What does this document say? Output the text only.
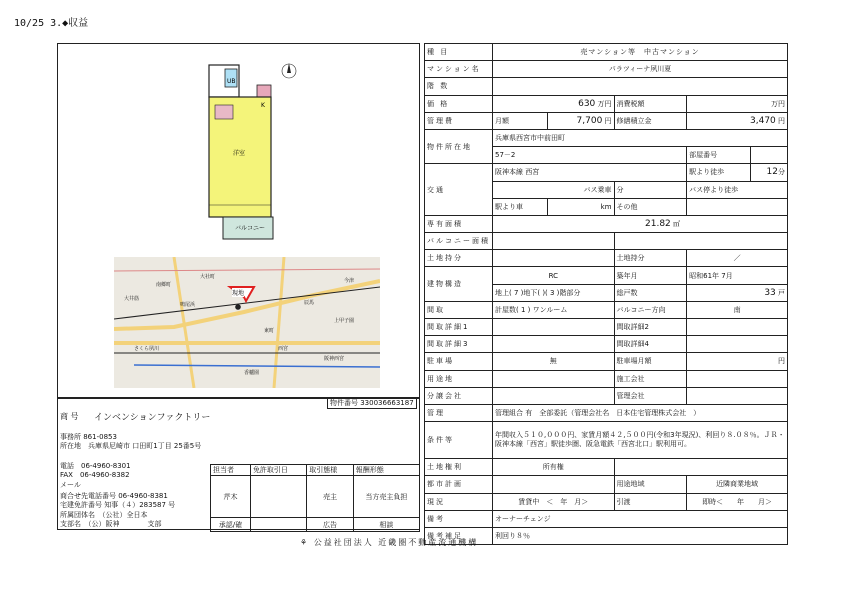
10/25 3.◆収益
UB
K
洋室
バルコニー
現地
南郷町
大社町
大井筋
鳴尾浜	辰馬
さくら夙川
香櫨園
西宮
今津
阪神西宮
東町
上甲子園
物件番号 330036663187
商 号 インベンションファクトリー
事務所 861-0853
所在地 兵庫県尼崎市 口田町1丁目 25番5号
電話　06-4960-8301
FAX　06-4960-8382
メール
商合せ先電話番号 06-4960-8381
宅建免許番号 知事（４）283587 号
所属団体名　（公社）全日本
支部名　（公）阪神　　　　支部
担当者	免許取引日	取引態様	報酬形態
芹木		売主	当方売主負担
承認/確		広告	相談
種 目	売マンション等　中古マンション				
マンション名	パラツィーナ夙川夏				
階 数					
価 格	630 万円		消費税額	万円	
管理費	月額	7,700 円	修繕積立金	3,470 円	
物件所在地	兵庫県西宮市中前田町				
	57－2			部屋番号	
交通	阪神本線 西宮			駅より徒歩	12分
	バス乗車		分	バス停より徒歩	
	駅より車	km	その他		
専有面積	21.82 ㎡				
バルコニー面積					
土地持分			土地持分	／	
建物構造	RC		築年月	昭和61年 7月	
	地上( 7 )地下( )( 3 )階部分		総戸数	33 戸	
間取	計屋数( 1 ) ワンルーム		バルコニー方向	南	
間取詳細1			間取詳細2		
間取詳細3			間取詳細4		
駐車場	無		駐車場月額	円	
用途地			施工会社		
分譲会社			管理会社		
管理	管理組合 有　全部委託（管理会社名　日本住宅管理株式会社　）				
条件等	年間収入５１０,０００円、家賃月額４２,５００円(令和3年現況)、利回り８.０８％。ＪＲ・阪神本線「西宮」駅徒歩圏、阪急電鉄「西宮北口」駅利用可。				
土地権利	所有権				
都市計画			用途地域	近隣商業地域	
現況	賃貸中　＜　年　月＞		引渡	即時＜　　年　　月＞	
備考	オーナーチェンジ				
備考補足	利回り８％				
⚘ 公益社団法人 近畿圏不動産流通機構
